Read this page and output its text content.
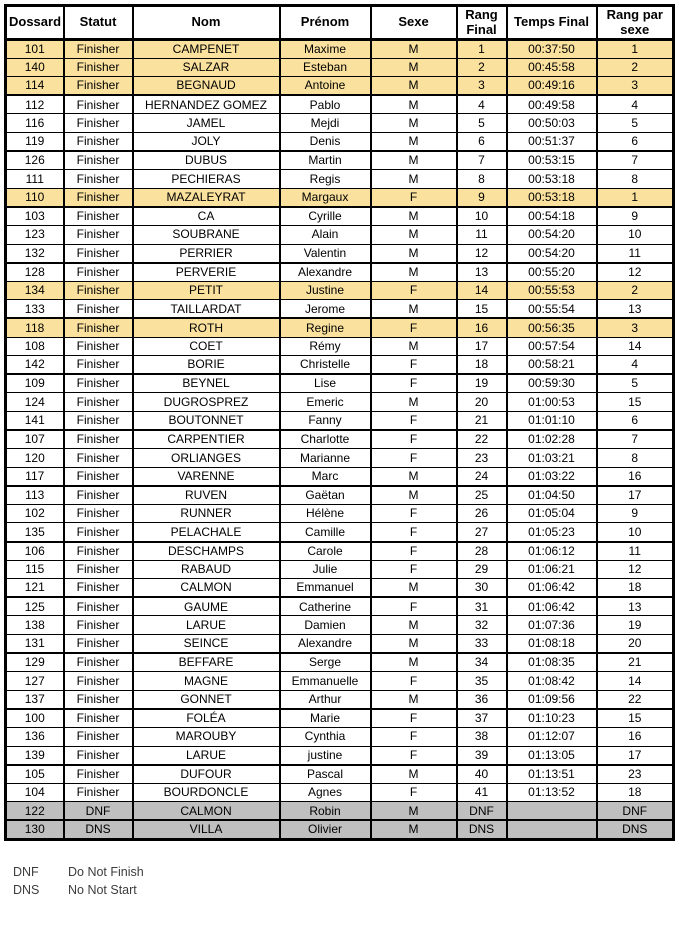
Dossard	Statut	Nom	Prénom	Sexe	Rang Final	Temps Final	Rang par sexe
101	Finisher	CAMPENET	Maxime	M	1	00:37:50	1
140	Finisher	SALZAR	Esteban	M	2	00:45:58	2
114	Finisher	BEGNAUD	Antoine	M	3	00:49:16	3
112	Finisher	HERNANDEZ GOMEZ	Pablo	M	4	00:49:58	4
116	Finisher	JAMEL	Mejdi	M	5	00:50:03	5
119	Finisher	JOLY	Denis	M	6	00:51:37	6
126	Finisher	DUBUS	Martin	M	7	00:53:15	7
111	Finisher	PECHIERAS	Regis	M	8	00:53:18	8
110	Finisher	MAZALEYRAT	Margaux	F	9	00:53:18	1
103	Finisher	CA	Cyrille	M	10	00:54:18	9
123	Finisher	SOUBRANE	Alain	M	11	00:54:20	10
132	Finisher	PERRIER	Valentin	M	12	00:54:20	11
128	Finisher	PERVERIE	Alexandre	M	13	00:55:20	12
134	Finisher	PETIT	Justine	F	14	00:55:53	2
133	Finisher	TAILLARDAT	Jerome	M	15	00:55:54	13
118	Finisher	ROTH	Regine	F	16	00:56:35	3
108	Finisher	COET	Rémy	M	17	00:57:54	14
142	Finisher	BORIE	Christelle	F	18	00:58:21	4
109	Finisher	BEYNEL	Lise	F	19	00:59:30	5
124	Finisher	DUGROSPREZ	Emeric	M	20	01:00:53	15
141	Finisher	BOUTONNET	Fanny	F	21	01:01:10	6
107	Finisher	CARPENTIER	Charlotte	F	22	01:02:28	7
120	Finisher	ORLIANGES	Marianne	F	23	01:03:21	8
117	Finisher	VARENNE	Marc	M	24	01:03:22	16
113	Finisher	RUVEN	Gaëtan	M	25	01:04:50	17
102	Finisher	RUNNER	Hélène	F	26	01:05:04	9
135	Finisher	PELACHALE	Camille	F	27	01:05:23	10
106	Finisher	DESCHAMPS	Carole	F	28	01:06:12	11
115	Finisher	RABAUD	Julie	F	29	01:06:21	12
121	Finisher	CALMON	Emmanuel	M	30	01:06:42	18
125	Finisher	GAUME	Catherine	F	31	01:06:42	13
138	Finisher	LARUE	Damien	M	32	01:07:36	19
131	Finisher	SEINCE	Alexandre	M	33	01:08:18	20
129	Finisher	BEFFARE	Serge	M	34	01:08:35	21
127	Finisher	MAGNE	Emmanuelle	F	35	01:08:42	14
137	Finisher	GONNET	Arthur	M	36	01:09:56	22
100	Finisher	FOLÉA	Marie	F	37	01:10:23	15
136	Finisher	MAROUBY	Cynthia	F	38	01:12:07	16
139	Finisher	LARUE	justine	F	39	01:13:05	17
105	Finisher	DUFOUR	Pascal	M	40	01:13:51	23
104	Finisher	BOURDONCLE	Agnes	F	41	01:13:52	18
122	DNF	CALMON	Robin	M	DNF		DNF
130	DNS	VILLA	Olivier	M	DNS		DNS
DNF Do Not Finish
DNS No Not Start
